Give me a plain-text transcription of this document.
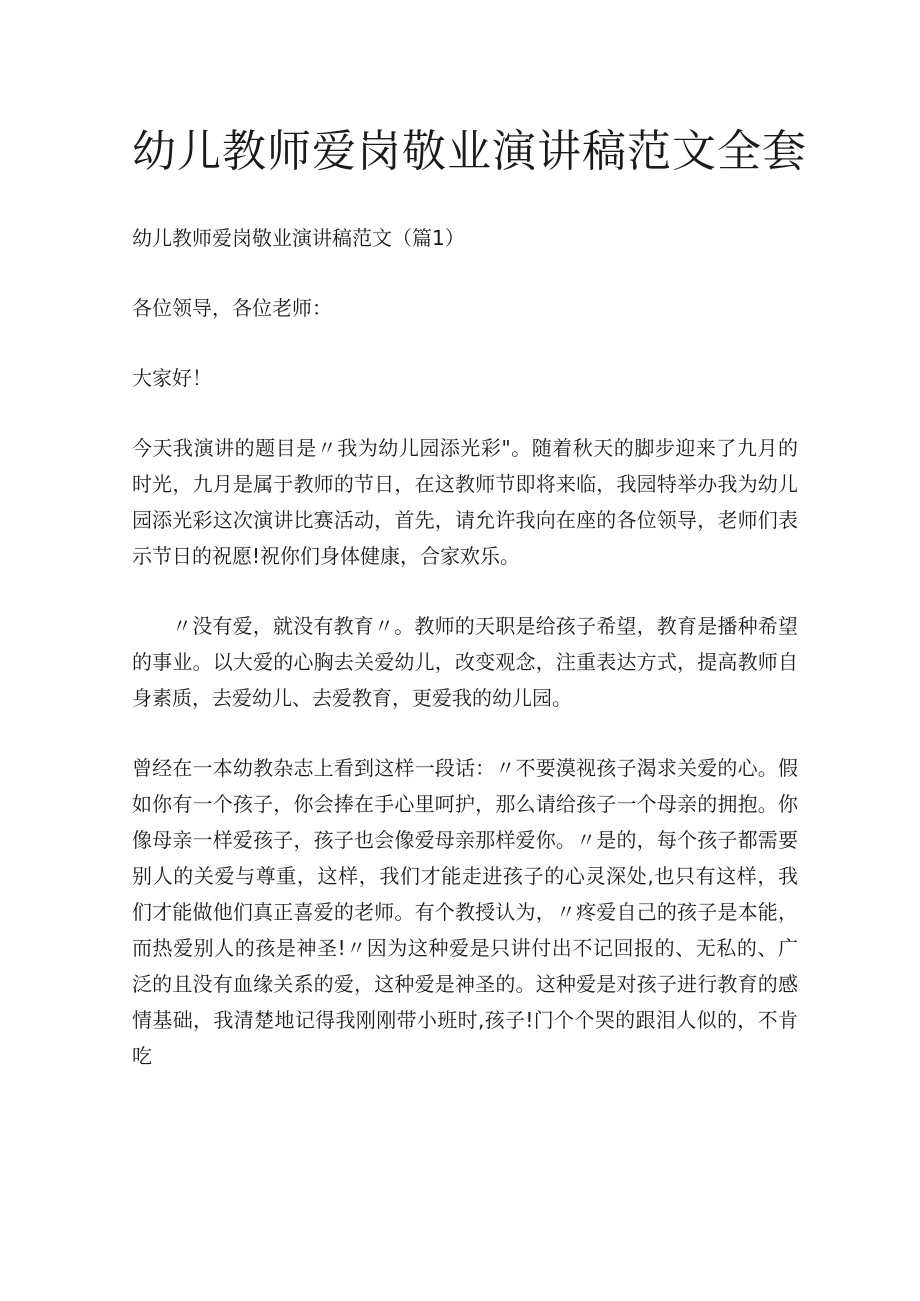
幼儿教师爱岗敬业演讲稿范文全套

幼儿教师爱岗敬业演讲稿范文（篇1）

各位领导，各位老师：

大家好！

今天我演讲的题目是〃我为幼儿园添光彩"。随着秋天的脚步迎来了九月的时光，九月是属于教师的节日，在这教师节即将来临，我园特举办我为幼儿园添光彩这次演讲比赛活动，首先，请允许我向在座的各位领导，老师们表示节日的祝愿!祝你们身体健康，合家欢乐。

〃没有爱，就没有教育〃。教师的天职是给孩子希望，教育是播种希望的事业。以大爱的心胸去关爱幼儿，改变观念，注重表达方式，提高教师自身素质，去爱幼儿、去爱教育，更爱我的幼儿园。

曾经在一本幼教杂志上看到这样一段话：〃不要漠视孩子渴求关爱的心。假如你有一个孩子，你会捧在手心里呵护，那么请给孩子一个母亲的拥抱。你像母亲一样爱孩子，孩子也会像爱母亲那样爱你。〃是的，每个孩子都需要别人的关爱与尊重，这样，我们才能走进孩子的心灵深处,也只有这样，我们才能做他们真正喜爱的老师。有个教授认为，〃疼爱自己的孩子是本能，而热爱别人的孩是神圣!〃因为这种爱是只讲付出不记回报的、无私的、广泛的且没有血缘关系的爱，这种爱是神圣的。这种爱是对孩子进行教育的感情基础，我清楚地记得我刚刚带小班时,孩子!门个个哭的跟泪人似的，不肯吃
